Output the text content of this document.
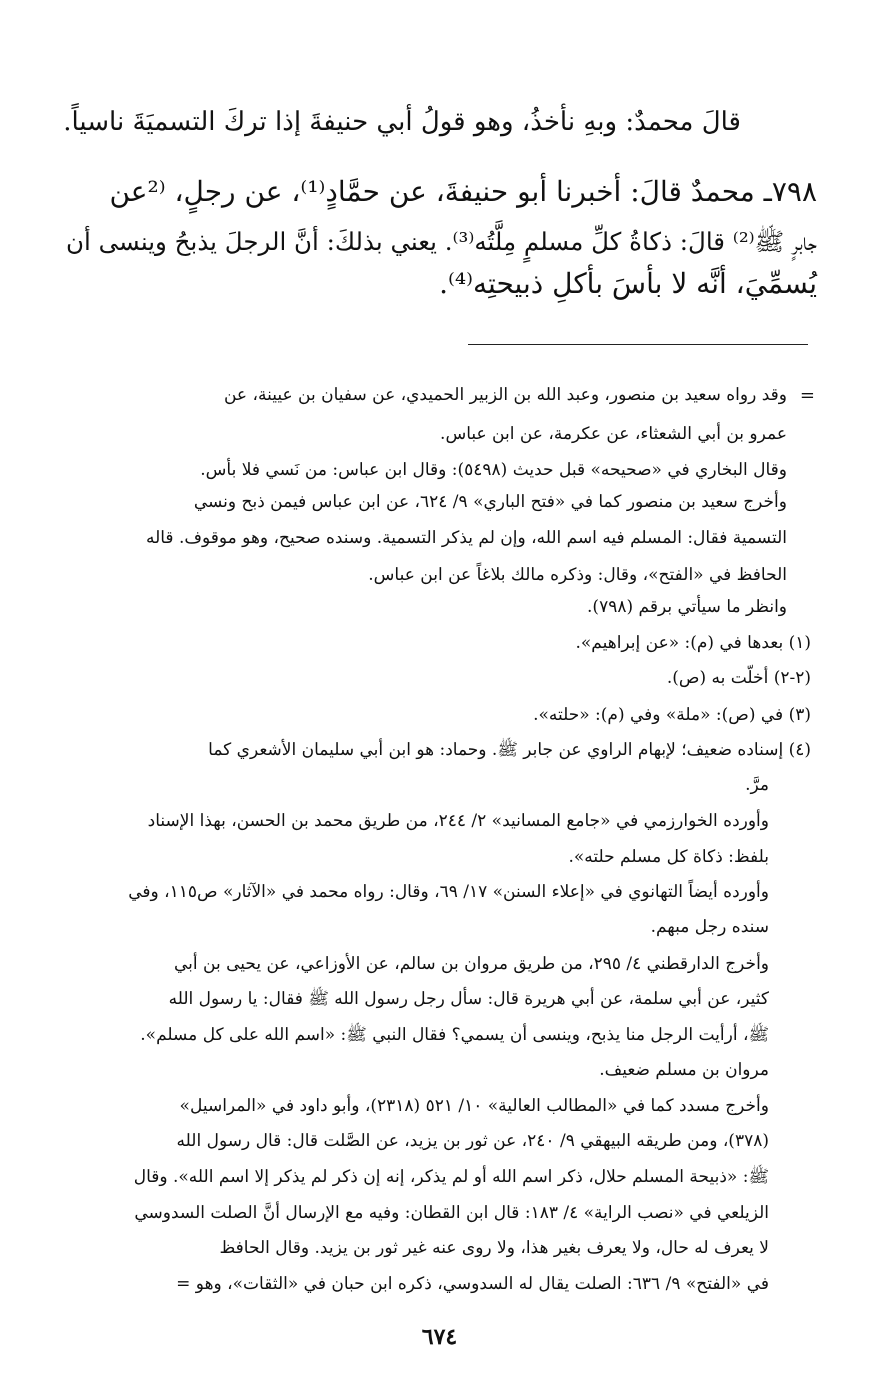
قالَ محمدٌ: وبهِ نأخذُ، وهو قولُ أبي حنيفةَ إذا تركَ التسميَةَ ناسياً.
٧٩٨ـ محمدٌ قالَ: أخبرنا أبو حنيفةَ، عن حمَّادٍ⁽¹⁾، عن رجلٍ، ⁽²عن
جابرٍ ﷺ⁽²⁾ قالَ: ذكاةُ كلِّ مسلمٍ مِلَّتُه⁽³⁾. يعني بذلكَ: أنَّ الرجلَ يذبحُ وينسى أن
يُسمِّيَ، أنَّه لا بأسَ بأكلِ ذبيحتِه⁽⁴⁾.
=
وقد رواه سعيد بن منصور، وعبد الله بن الزبير الحميدي، عن سفيان بن عيينة، عن
عمرو بن أبي الشعثاء، عن عكرمة، عن ابن عباس.
وقال البخاري في «صحيحه» قبل حديث (٥٤٩٨): وقال ابن عباس: من نَسي فلا بأس.
وأخرج سعيد بن منصور كما في «فتح الباري» ٩/ ٦٢٤، عن ابن عباس فيمن ذبح ونسي
التسمية فقال: المسلم فيه اسم الله، وإن لم يذكر التسمية. وسنده صحيح، وهو موقوف. قاله
الحافظ في «الفتح»، وقال: وذكره مالك بلاغاً عن ابن عباس.
وانظر ما سيأتي برقم (٧٩٨).
(١) بعدها في (م): «عن إبراهيم».
(٢-٢) أخلّت به (ص).
(٣) في (ص): «ملة» وفي (م): «حلته».
(٤) إسناده ضعيف؛ لإبهام الراوي عن جابر ﷺ. وحماد: هو ابن أبي سليمان الأشعري كما
مرَّ.
وأورده الخوارزمي في «جامع المسانيد» ٢/ ٢٤٤، من طريق محمد بن الحسن، بهذا الإسناد
بلفظ: ذكاة كل مسلم حلته».
وأورده أيضاً التهانوي في «إعلاء السنن» ١٧/ ٦٩، وقال: رواه محمد في «الآثار» ص١١٥، وفي
سنده رجل مبهم.
وأخرج الدارقطني ٤/ ٢٩٥، من طريق مروان بن سالم، عن الأوزاعي، عن يحيى بن أبي
كثير، عن أبي سلمة، عن أبي هريرة قال: سأل رجل رسول الله ﷺ فقال: يا رسول الله
ﷺ، أرأيت الرجل منا يذبح، وينسى أن يسمي؟ فقال النبي ﷺ: «اسم الله على كل مسلم».
مروان بن مسلم ضعيف.
وأخرج مسدد كما في «المطالب العالية» ١٠/ ٥٢١ (٢٣١٨)، وأبو داود في «المراسيل»
(٣٧٨)، ومن طريقه البيهقي ٩/ ٢٤٠، عن ثور بن يزيد، عن الصَّلت قال: قال رسول الله
ﷺ: «ذبيحة المسلم حلال، ذكر اسم الله أو لم يذكر، إنه إن ذكر لم يذكر إلا اسم الله». وقال
الزيلعي في «نصب الراية» ٤/ ١٨٣: قال ابن القطان: وفيه مع الإرسال أنَّ الصلت السدوسي
لا يعرف له حال، ولا يعرف بغير هذا، ولا روى عنه غير ثور بن يزيد. وقال الحافظ
في «الفتح» ٩/ ٦٣٦: الصلت يقال له السدوسي، ذكره ابن حبان في «الثقات»، وهو =
٦٧٤
